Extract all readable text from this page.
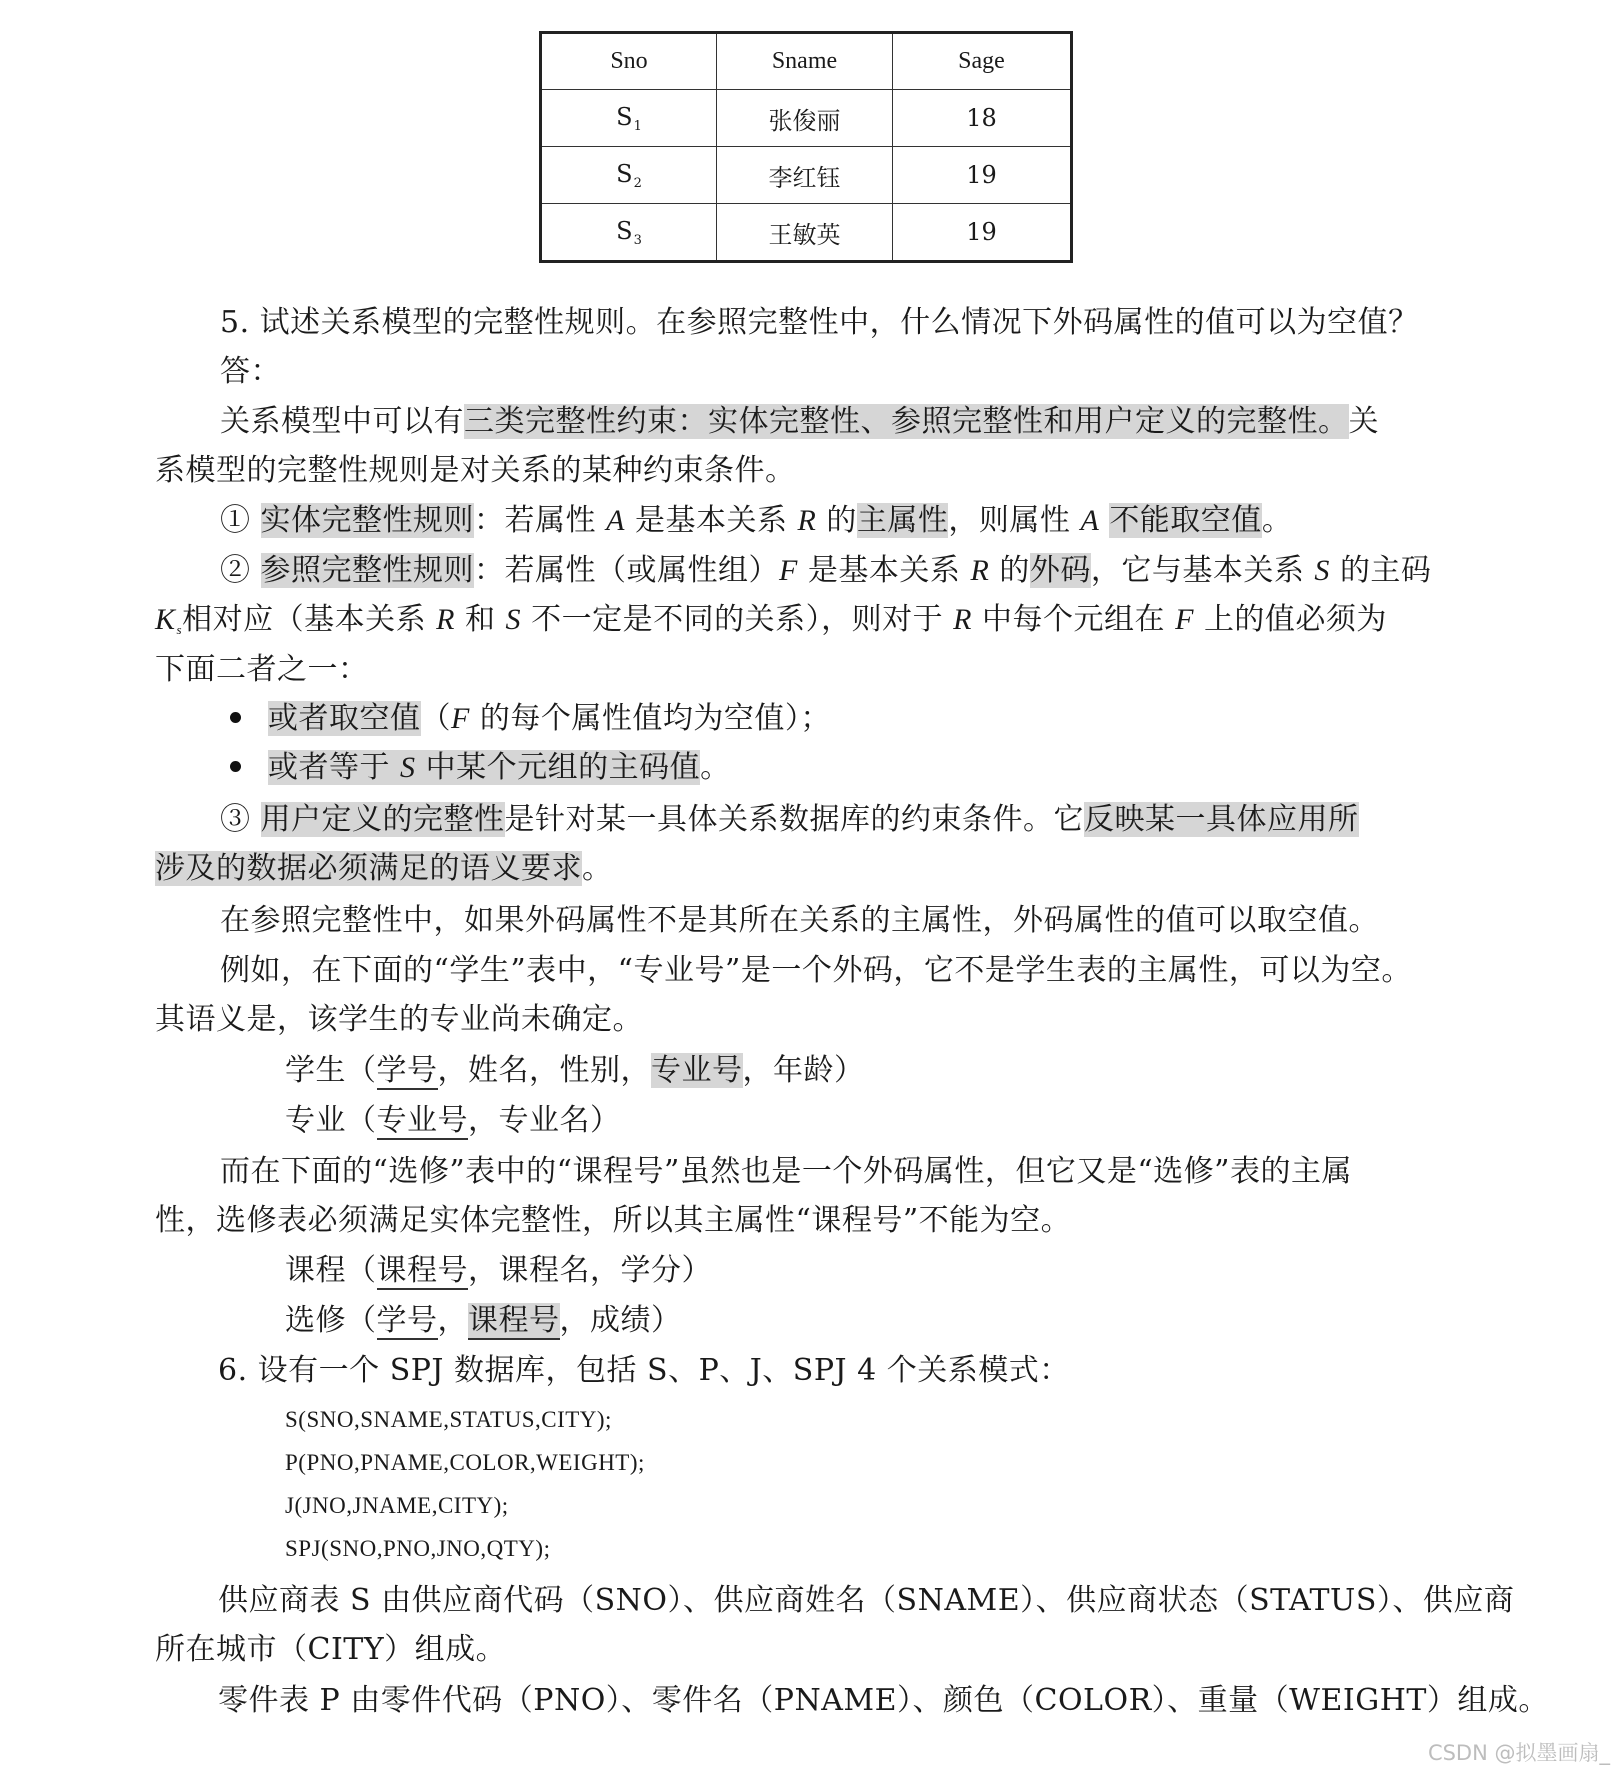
Sno	Sname	Sage
$S_1$	张俊丽	18
$S_2$	李红钰	19
$S_3$	王敏英	19
5. 试述关系模型的完整性规则。在参照完整性中，什么情况下外码属性的值可以为空值？
答：
关系模型中可以有三类完整性约束：实体完整性、参照完整性和用户定义的完整性。关
系模型的完整性规则是对关系的某种约束条件。
① 实体完整性规则：若属性 A 是基本关系 R 的主属性，则属性 A 不能取空值。
② 参照完整性规则：若属性（或属性组）F 是基本关系 R 的外码，它与基本关系 S 的主码
$K_s$相对应（基本关系 R 和 S 不一定是不同的关系），则对于 R 中每个元组在 F 上的值必须为
下面二者之一：
或者取空值（F 的每个属性值均为空值）；
或者等于 S 中某个元组的主码值。
③ 用户定义的完整性是针对某一具体关系数据库的约束条件。它反映某一具体应用所
涉及的数据必须满足的语义要求。
在参照完整性中，如果外码属性不是其所在关系的主属性，外码属性的值可以取空值。
例如，在下面的“学生”表中，“专业号”是一个外码，它不是学生表的主属性，可以为空。
其语义是，该学生的专业尚未确定。
学生（学号，姓名，性别，专业号，年龄）
专业（专业号，专业名）
而在下面的“选修”表中的“课程号”虽然也是一个外码属性，但它又是“选修”表的主属
性，选修表必须满足实体完整性，所以其主属性“课程号”不能为空。
课程（课程号，课程名，学分）
选修（学号，课程号，成绩）
6. 设有一个 SPJ 数据库，包括 S、P、J、SPJ 4 个关系模式：
S(SNO,SNAME,STATUS,CITY);
P(PNO,PNAME,COLOR,WEIGHT);
J(JNO,JNAME,CITY);
SPJ(SNO,PNO,JNO,QTY);
供应商表 S 由供应商代码（SNO）、供应商姓名（SNAME）、供应商状态（STATUS）、供应商
所在城市（CITY）组成。
零件表 P 由零件代码（PNO）、零件名（PNAME）、颜色（COLOR）、重量（WEIGHT）组成。
CSDN @拟墨画扇_
